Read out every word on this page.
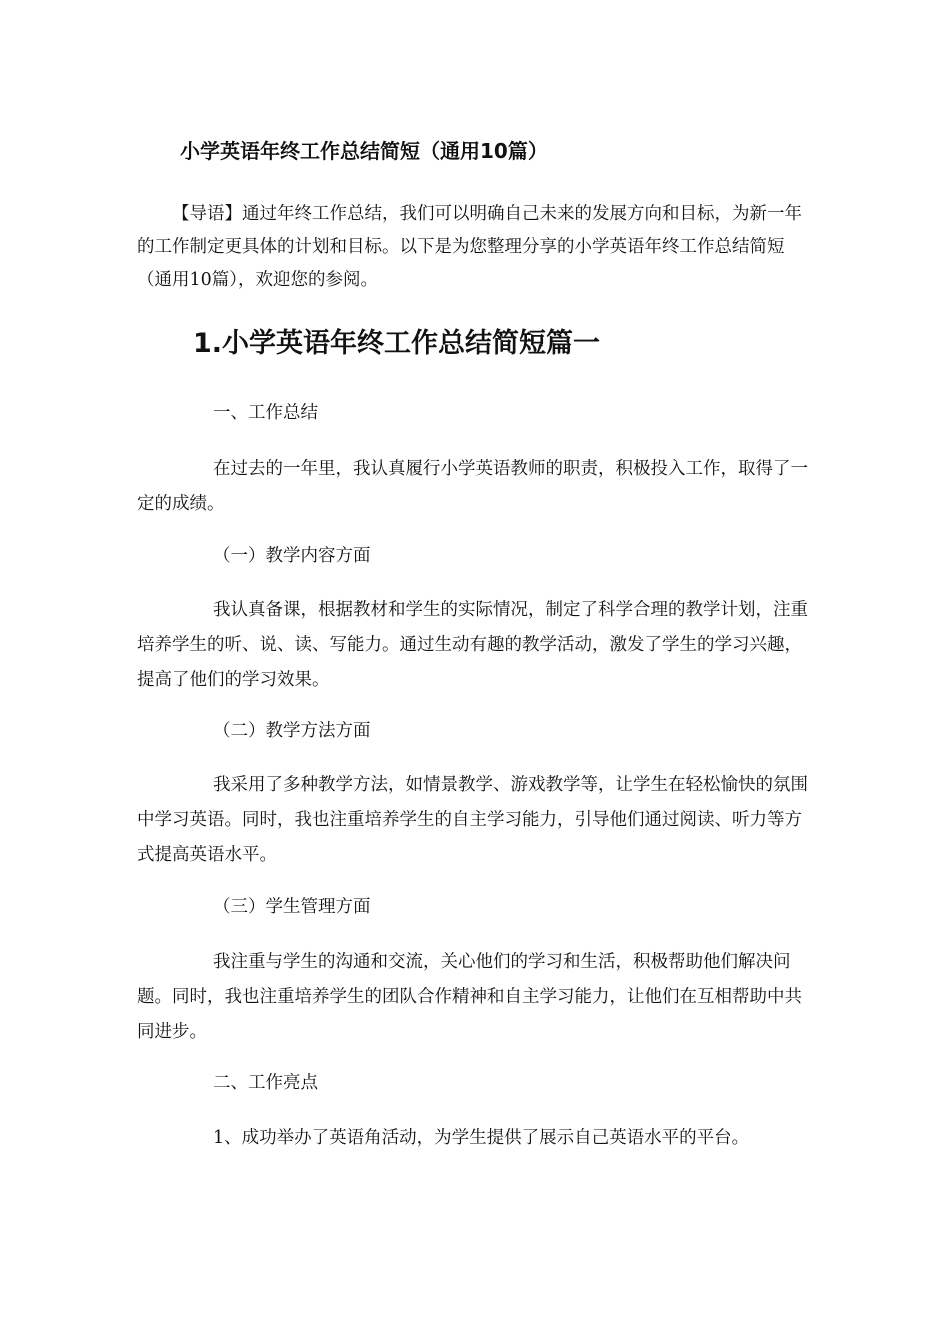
小学英语年终工作总结简短（通用10篇）

【导语】通过年终工作总结，我们可以明确自己未来的发展方向和目标，为新一年的工作制定更具体的计划和目标。以下是为您整理分享的小学英语年终工作总结简短（通用10篇），欢迎您的参阅。

1.小学英语年终工作总结简短篇一

一、工作总结

在过去的一年里，我认真履行小学英语教师的职责，积极投入工作，取得了一定的成绩。

（一）教学内容方面

我认真备课，根据教材和学生的实际情况，制定了科学合理的教学计划，注重培养学生的听、说、读、写能力。通过生动有趣的教学活动，激发了学生的学习兴趣，提高了他们的学习效果。

（二）教学方法方面

我采用了多种教学方法，如情景教学、游戏教学等，让学生在轻松愉快的氛围中学习英语。同时，我也注重培养学生的自主学习能力，引导他们通过阅读、听力等方式提高英语水平。

（三）学生管理方面

我注重与学生的沟通和交流，关心他们的学习和生活，积极帮助他们解决问题。同时，我也注重培养学生的团队合作精神和自主学习能力，让他们在互相帮助中共同进步。

二、工作亮点

1、成功举办了英语角活动，为学生提供了展示自己英语水平的平台。
